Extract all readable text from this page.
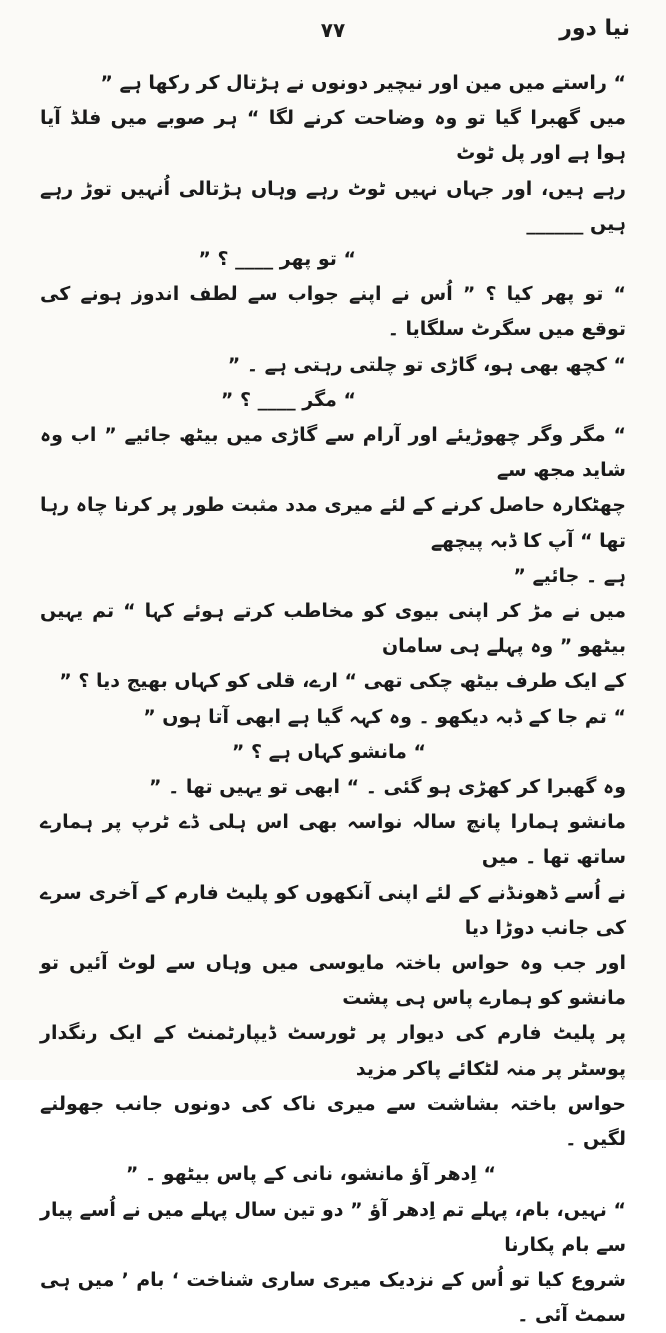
نیا دور
۷۷

“ راستے میں مین اور نیچیر دونوں نے ہڑتال کر رکھا ہے ”

میں گھبرا گیا تو وہ وضاحت کرنے لگا “ ہر صوبے میں فلڈ آیا ہوا ہے اور پل ٹوٹ

رہے ہیں، اور جہاں نہیں ٹوٹ رہے وہاں ہڑتالی اُنہیں توڑ رہے ہیں ______

“ تو پھر ____ ؟ ”

“ تو پھر کیا ؟ ” اُس نے اپنے جواب سے لطف اندوز ہونے کی توقع میں سگرٹ سلگایا ۔

“ کچھ بھی ہو، گاڑی تو چلتی رہتی ہے ۔ ”

“ مگر ____ ؟ ”

“ مگر وگر چھوڑیئے اور آرام سے گاڑی میں بیٹھ جائیے ” اب وہ شاید مجھ سے

چھٹکارہ حاصل کرنے کے لئے میری مدد مثبت طور پر کرنا چاہ رہا تھا “ آپ کا ڈبہ پیچھے

ہے ۔ جائیے ”

میں نے مڑ کر اپنی بیوی کو مخاطب کرتے ہوئے کہا “ تم یہیں بیٹھو ” وہ پہلے ہی سامان

کے ایک طرف بیٹھ چکی تھی “ ارے، قلی کو کہاں بھیج دیا ؟ ”

“ تم جا کے ڈبہ دیکھو ۔ وہ کہہ گیا ہے ابھی آتا ہوں ”

“ مانشو کہاں ہے ؟ ”

وہ گھبرا کر کھڑی ہو گئی ۔ “ ابھی تو یہیں تھا ۔ ”

مانشو ہمارا پانچ سالہ نواسہ بھی اس ہلی ڈے ٹرپ پر ہمارے ساتھ تھا ۔ میں

نے اُسے ڈھونڈنے کے لئے اپنی آنکھوں کو پلیٹ فارم کے آخری سرے کی جانب دوڑا دیا

اور جب وہ حواس باختہ مایوسی میں وہاں سے لوٹ آئیں تو مانشو کو ہمارے پاس ہی پشت

پر پلیٹ فارم کی دیوار پر ٹورسٹ ڈیپارٹمنٹ کے ایک رنگدار پوسٹر پر منہ لٹکائے پاکر مزید

حواس باختہ بشاشت سے میری ناک کی دونوں جانب جھولنے لگیں ۔

“ اِدھر آؤ مانشو، نانی کے پاس بیٹھو ۔ ”

“ نہیں، بام، پہلے تم اِدھر آؤ ” دو تین سال پہلے میں نے اُسے پیار سے بام پکارنا

شروع کیا تو اُس کے نزدیک میری ساری شناخت ‘ بام ’ میں ہی سمٹ آئی ۔
